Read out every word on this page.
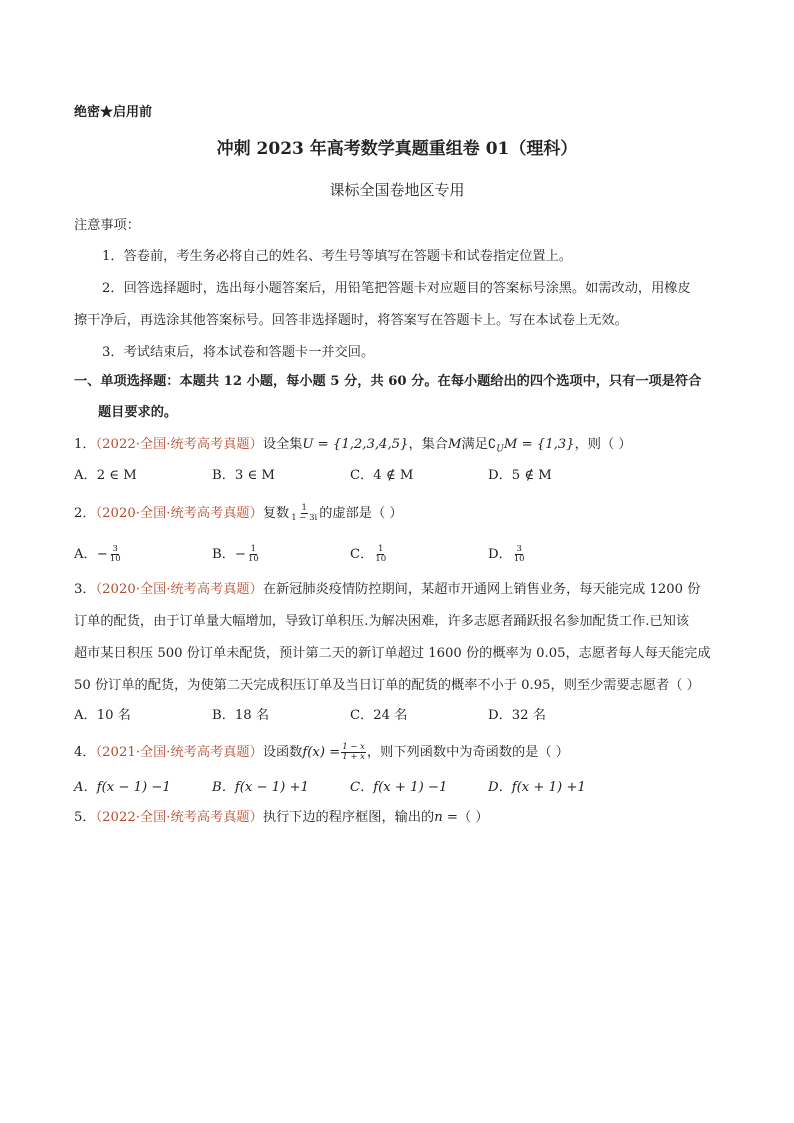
绝密★启用前
冲刺 2023 年高考数学真题重组卷 01（理科）
课标全国卷地区专用
注意事项：
1．答卷前，考生务必将自己的姓名、考生号等填写在答题卡和试卷指定位置上。
2．回答选择题时，选出每小题答案后，用铅笔把答题卡对应题目的答案标号涂黑。如需改动，用橡皮
擦干净后，再选涂其他答案标号。回答非选择题时，将答案写在答题卡上。写在本试卷上无效。
3．考试结束后，将本试卷和答题卡一并交回。
一、单项选择题：本题共 12 小题，每小题 5 分，共 60 分。在每小题给出的四个选项中，只有一项是符合
题目要求的。
1．（2022·全国·统考高考真题）设全集U = {1,2,3,4,5}，集合M满足$∁_UM = \{1,3\}$，则（ ）
A．2 ∈ M	B．3 ∈ M	C．4 ∉ M	D．5 ∉ M
2．（2020·全国·统考高考真题）复数 $\frac{1}{1 - 3i}$ 的虚部是（ ）
A．− $\frac{3}{10}$	B．− $\frac{1}{10}$	C． $\frac{1}{10}$	D． $\frac{3}{10}$
3．（2020·全国·统考高考真题）在新冠肺炎疫情防控期间，某超市开通网上销售业务，每天能完成 1200 份
订单的配货，由于订单量大幅增加，导致订单积压.为解决困难，许多志愿者踊跃报名参加配货工作.已知该
超市某日积压 500 份订单未配货，预计第二天的新订单超过 1600 份的概率为 0.05，志愿者每人每天能完成
50 份订单的配货，为使第二天完成积压订单及当日订单的配货的概率不小于 0.95，则至少需要志愿者（ ）
A．10 名	B．18 名	C．24 名	D．32 名
4．（2021·全国·统考高考真题）设函数$f(x) = \frac{1 - x}{1 + x}$ ，则下列函数中为奇函数的是（ ）
A．f(x − 1) −1	B．f(x − 1) +1	C．f(x + 1) −1	D．f(x + 1) +1
5．（2022·全国·统考高考真题）执行下边的程序框图，输出的n =（ ）
